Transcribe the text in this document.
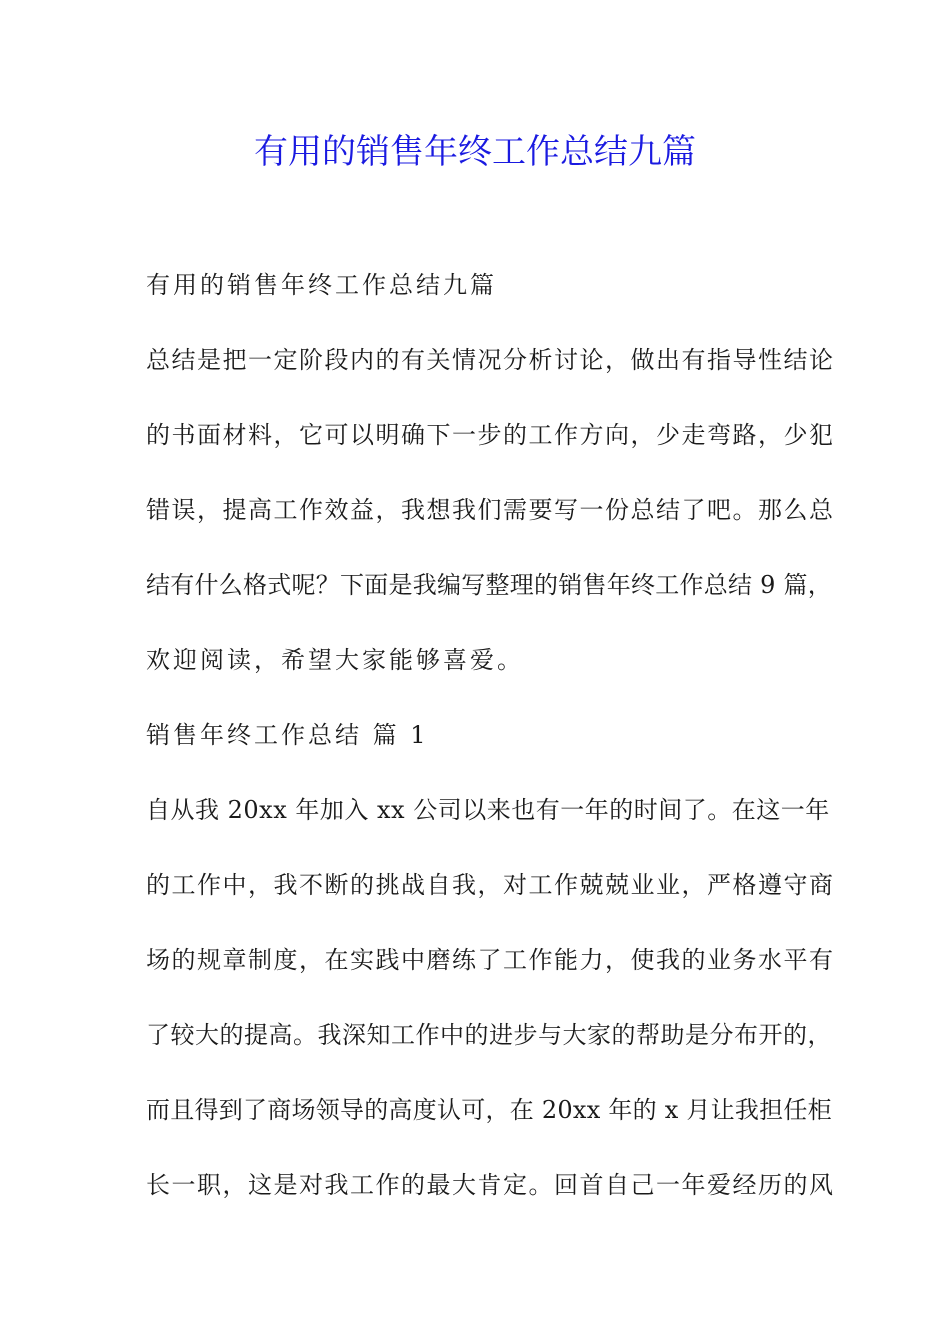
有用的销售年终工作总结九篇

有用的销售年终工作总结九篇

总结是把一定阶段内的有关情况分析讨论，做出有指导性结论

的书面材料，它可以明确下一步的工作方向，少走弯路，少犯

错误，提高工作效益，我想我们需要写一份总结了吧。那么总

结有什么格式呢？下面是我编写整理的销售年终工作总结 9 篇，

欢迎阅读，希望大家能够喜爱。

销售年终工作总结 篇 1

自从我 20xx 年加入 xx 公司以来也有一年的时间了。在这一年

的工作中，我不断的挑战自我，对工作兢兢业业，严格遵守商

场的规章制度，在实践中磨练了工作能力，使我的业务水平有

了较大的提高。我深知工作中的进步与大家的帮助是分布开的，

而且得到了商场领导的高度认可，在 20xx 年的 x 月让我担任柜

长一职，这是对我工作的最大肯定。回首自己一年爱经历的风
